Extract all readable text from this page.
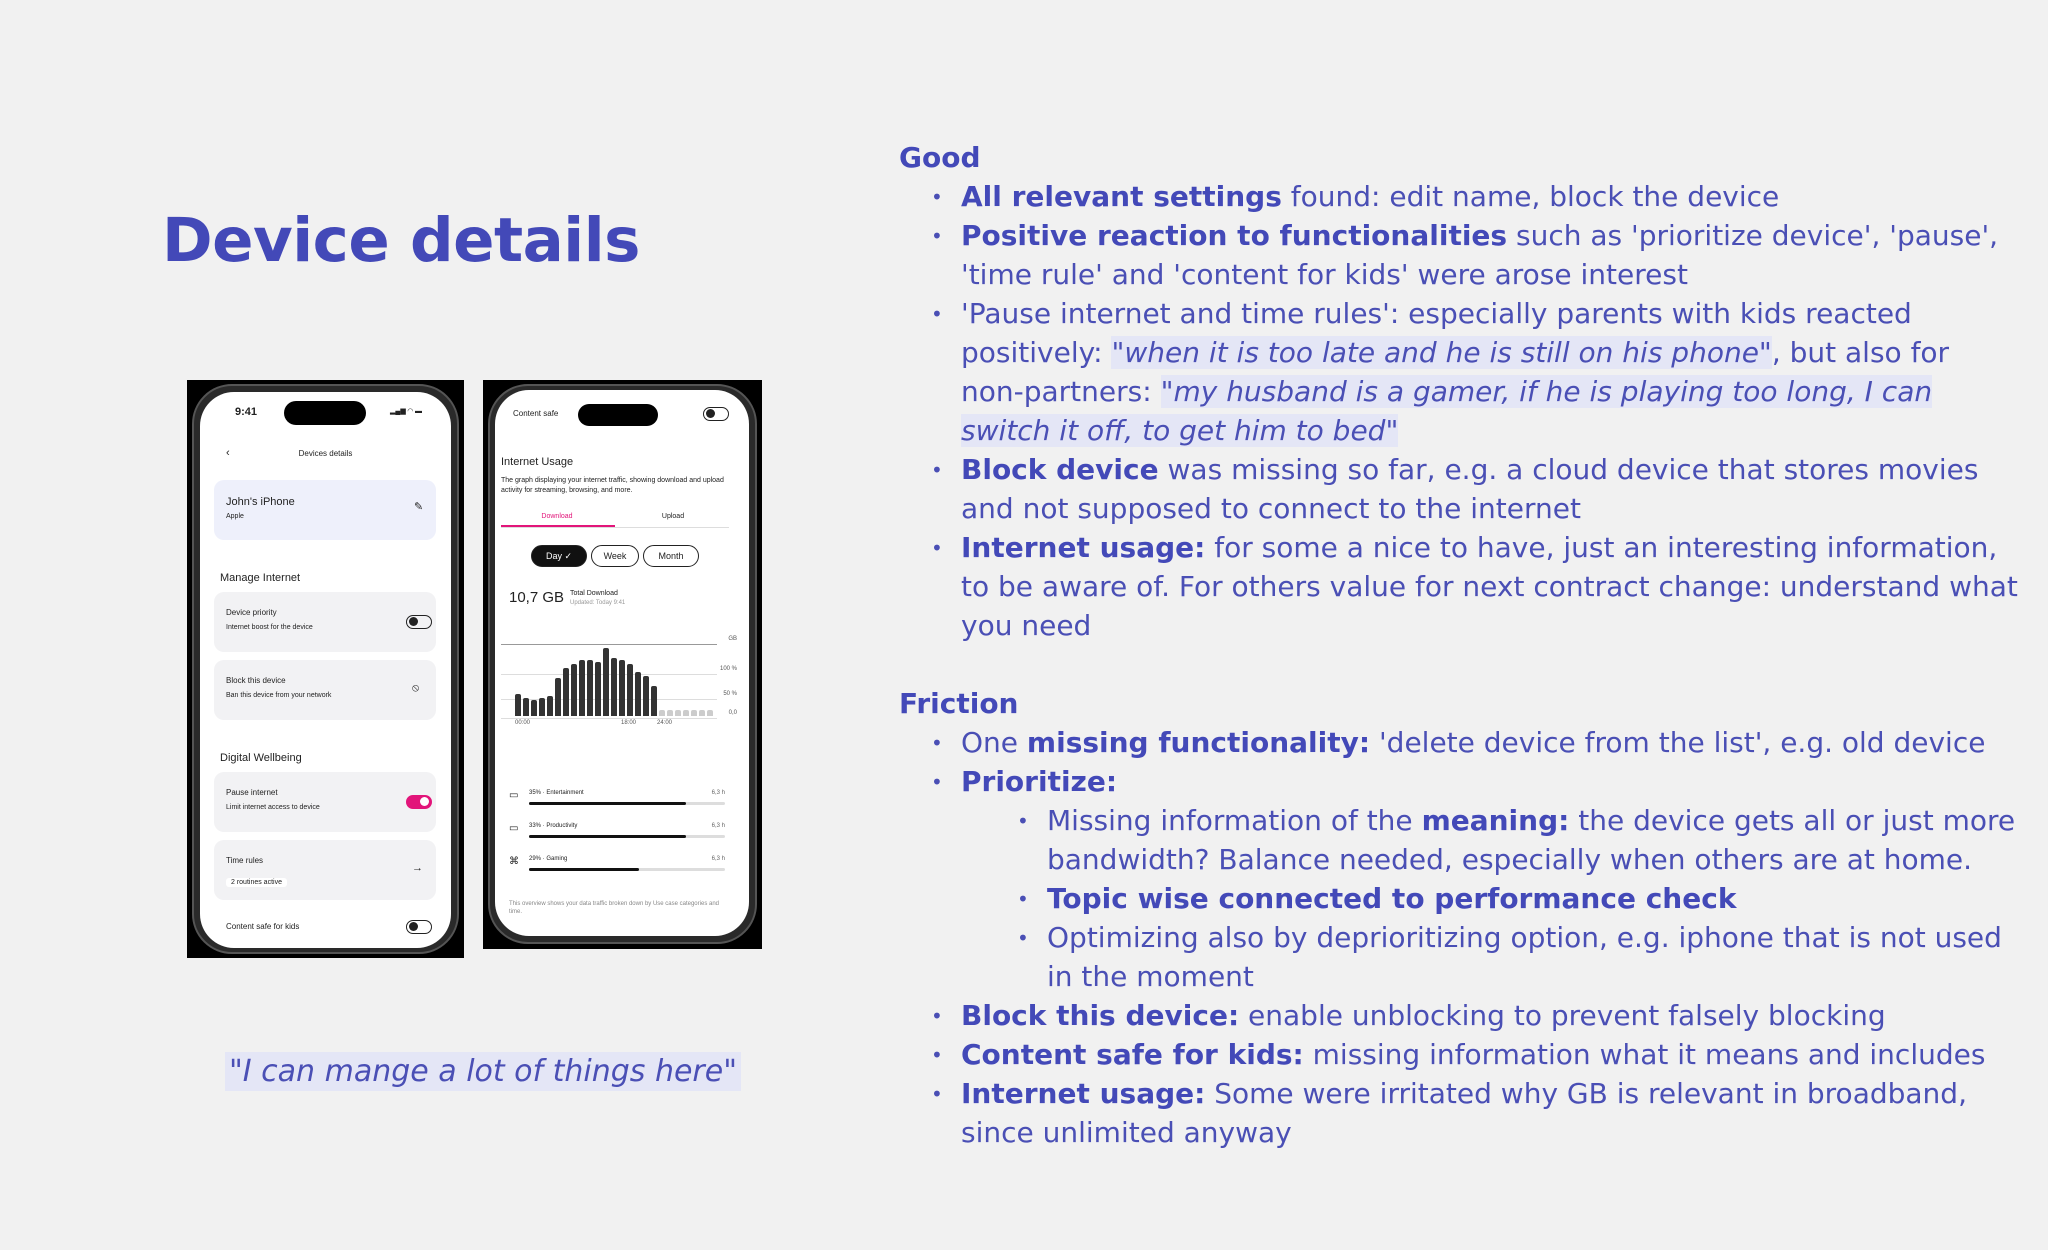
Device details
9:41	▂▄▆ ◠ ▬
‹	Devices details
John's iPhone
Apple
✎
Manage Internet
Device priority
Internet boost for the device
Block this device
Ban this device from your network
⦸
Digital Wellbeing
Pause internet
Limit internet access to device
Time rules
2 routines active
→
Content safe for kids
Content safe
Internet Usage
The graph displaying your internet traffic, showing download and upload activity for streaming, browsing, and more.
Download	Upload
Day ✓	Week	Month
10,7 GB Total Download
Updated: Today 9:41
GB
100 %
50 %
0,0
00:00	18:00	24:00
▭ 35% · Entertainment	6,3 h
▭ 33% · Productivity	6,3 h
⌘ 29% · Gaming	6,3 h
This overview shows your data traffic broken down by Use case categories and time.
"I can mange a lot of things here"
Good
• All relevant settings found: edit name, block the device
• Positive reaction to functionalities such as 'prioritize device', 'pause', 'time rule' and 'content for kids' were arose interest
• 'Pause internet and time rules': especially parents with kids reacted positively: "when it is too late and he is still on his phone", but also for non-partners: "my husband is a gamer, if he is playing too long, I can switch it off, to get him to bed"
• Block device was missing so far, e.g. a cloud device that stores movies and not supposed to connect to the internet
• Internet usage: for some a nice to have, just an interesting information, to be aware of. For others value for next contract change: understand what you need
Friction
• One missing functionality: 'delete device from the list', e.g. old device
• Prioritize:
• Missing information of the meaning: the device gets all or just more bandwidth? Balance needed, especially when others are at home.
• Topic wise connected to performance check
• Optimizing also by deprioritizing option, e.g. iphone that is not used in the moment
• Block this device: enable unblocking to prevent falsely blocking
• Content safe for kids: missing information what it means and includes
• Internet usage: Some were irritated why GB is relevant in broadband, since unlimited anyway
